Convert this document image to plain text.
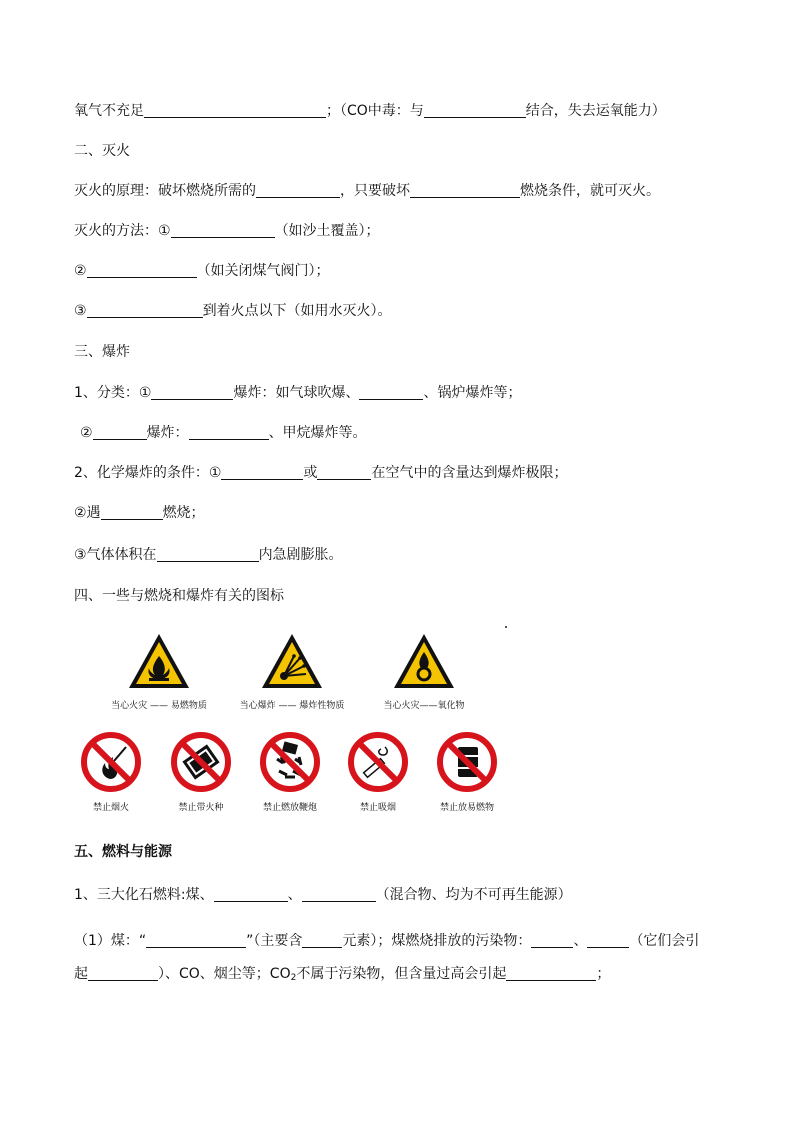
氧气不充足	；（CO中毒：与	结合，失去运氧能力）
二、灭火
灭火的原理：破坏燃烧所需的	，只要破坏	燃烧条件，就可灭火。
灭火的方法：①	（如沙土覆盖）；
②	（如关闭煤气阀门）；
③	到着火点以下（如用水灭火）。
三、爆炸
1、分类：①	爆炸：如气球吹爆、	、锅炉爆炸等；
②	爆炸：	、甲烷爆炸等。
2、化学爆炸的条件：①	或	在空气中的含量达到爆炸极限；
②遇	燃烧；
③气体体积在	内急剧膨胀。
四、一些与燃烧和爆炸有关的图标
当心火灾 —— 易燃物质	当心爆炸 —— 爆炸性物质	当心火灾——氧化物
禁止烟火	禁止带火种	禁止燃放鞭炮	禁止吸烟	禁止放易燃物
五、燃料与能源
1、三大化石燃料:煤、	、	（混合物、均为不可再生能源）
（1）煤：“	”（主要含	元素）；煤燃烧排放的污染物：	、	（它们会引
起	）、CO、烟尘等；$CO_2$不属于污染物，但含量过高会引起	；
